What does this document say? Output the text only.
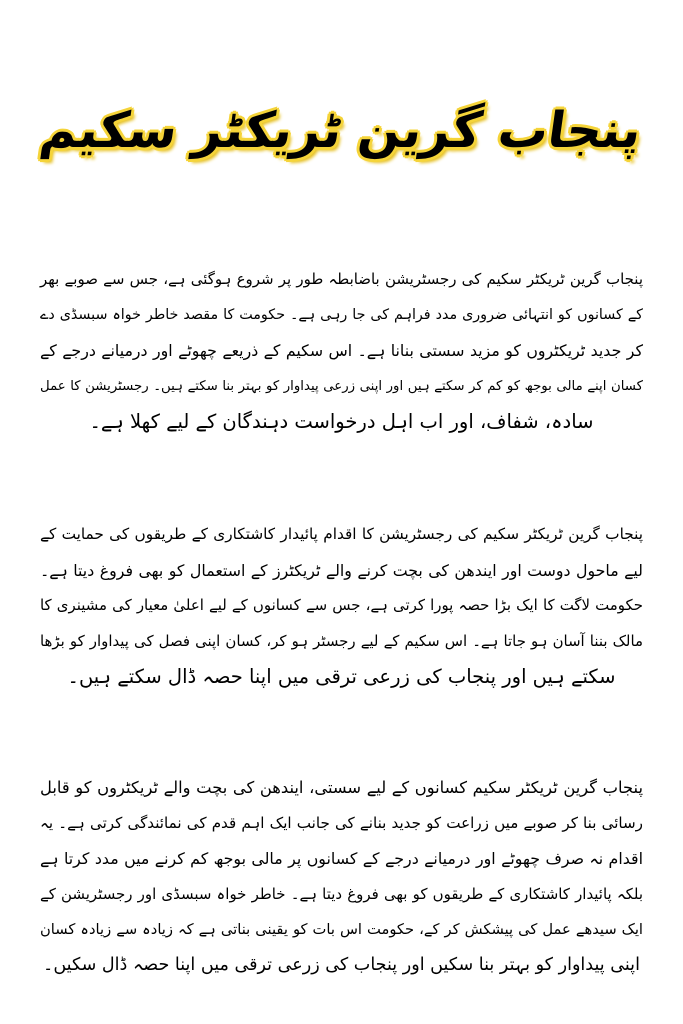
پنجاب گرین ٹریکٹر سکیم
پنجاب گرین ٹریکٹر سکیم کی رجسٹریشن باضابطہ طور پر شروع ہوگئی ہے، جس سے صوبے بھر
کے کسانوں کو انتہائی ضروری مدد فراہم کی جا رہی ہے۔ حکومت کا مقصد خاطر خواہ سبسڈی دے
کر جدید ٹریکٹروں کو مزید سستی بنانا ہے۔ اس سکیم کے ذریعے چھوٹے اور درمیانے درجے کے
کسان اپنے مالی بوجھ کو کم کر سکتے ہیں اور اپنی زرعی پیداوار کو بہتر بنا سکتے ہیں۔ رجسٹریشن کا عمل
سادہ، شفاف، اور اب اہل درخواست دہندگان کے لیے کھلا ہے۔
پنجاب گرین ٹریکٹر سکیم کی رجسٹریشن کا اقدام پائیدار کاشتکاری کے طریقوں کی حمایت کے
لیے ماحول دوست اور ایندھن کی بچت کرنے والے ٹریکٹرز کے استعمال کو بھی فروغ دیتا ہے۔
حکومت لاگت کا ایک بڑا حصہ پورا کرتی ہے، جس سے کسانوں کے لیے اعلیٰ معیار کی مشینری کا
مالک بننا آسان ہو جاتا ہے۔ اس سکیم کے لیے رجسٹر ہو کر، کسان اپنی فصل کی پیداوار کو بڑھا
سکتے ہیں اور پنجاب کی زرعی ترقی میں اپنا حصہ ڈال سکتے ہیں۔
پنجاب گرین ٹریکٹر سکیم کسانوں کے لیے سستی، ایندھن کی بچت والے ٹریکٹروں کو قابل
رسائی بنا کر صوبے میں زراعت کو جدید بنانے کی جانب ایک اہم قدم کی نمائندگی کرتی ہے۔ یہ
اقدام نہ صرف چھوٹے اور درمیانے درجے کے کسانوں پر مالی بوجھ کم کرنے میں مدد کرتا ہے
بلکہ پائیدار کاشتکاری کے طریقوں کو بھی فروغ دیتا ہے۔ خاطر خواہ سبسڈی اور رجسٹریشن کے
ایک سیدھے عمل کی پیشکش کر کے، حکومت اس بات کو یقینی بناتی ہے کہ زیادہ سے زیادہ کسان
اپنی پیداوار کو بہتر بنا سکیں اور پنجاب کی زرعی ترقی میں اپنا حصہ ڈال سکیں۔
